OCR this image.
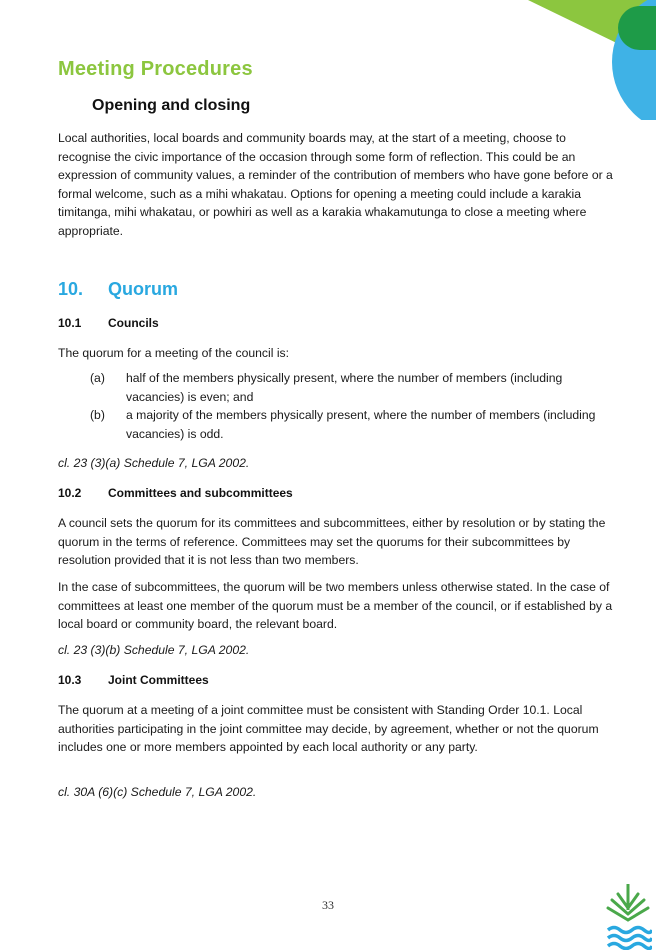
Meeting Procedures
Opening and closing

Local authorities, local boards and community boards may, at the start of a meeting, choose to recognise the civic importance of the occasion through some form of reflection. This could be an expression of community values, a reminder of the contribution of members who have gone before or a formal welcome, such as a mihi whakatau. Options for opening a meeting could include a karakia timitanga, mihi whakatau, or powhiri as well as a karakia whakamutunga to close a meeting where appropriate.

10. Quorum
10.1 Councils

The quorum for a meeting of the council is:

(a)	half of the members physically present, where the number of members (including vacancies) is even; and
(b)	a majority of the members physically present, where the number of members (including vacancies) is odd.

cl. 23 (3)(a) Schedule 7, LGA 2002.

10.2 Committees and subcommittees

A council sets the quorum for its committees and subcommittees, either by resolution or by stating the quorum in the terms of reference. Committees may set the quorums for their subcommittees by resolution provided that it is not less than two members.

In the case of subcommittees, the quorum will be two members unless otherwise stated. In the case of committees at least one member of the quorum must be a member of the council, or if established by a local board or community board, the relevant board.

cl. 23 (3)(b) Schedule 7, LGA 2002.

10.3 Joint Committees

The quorum at a meeting of a joint committee must be consistent with Standing Order 10.1. Local authorities participating in the joint committee may decide, by agreement, whether or not the quorum includes one or more members appointed by each local authority or any party.

cl. 30A (6)(c) Schedule 7, LGA 2002.

33
